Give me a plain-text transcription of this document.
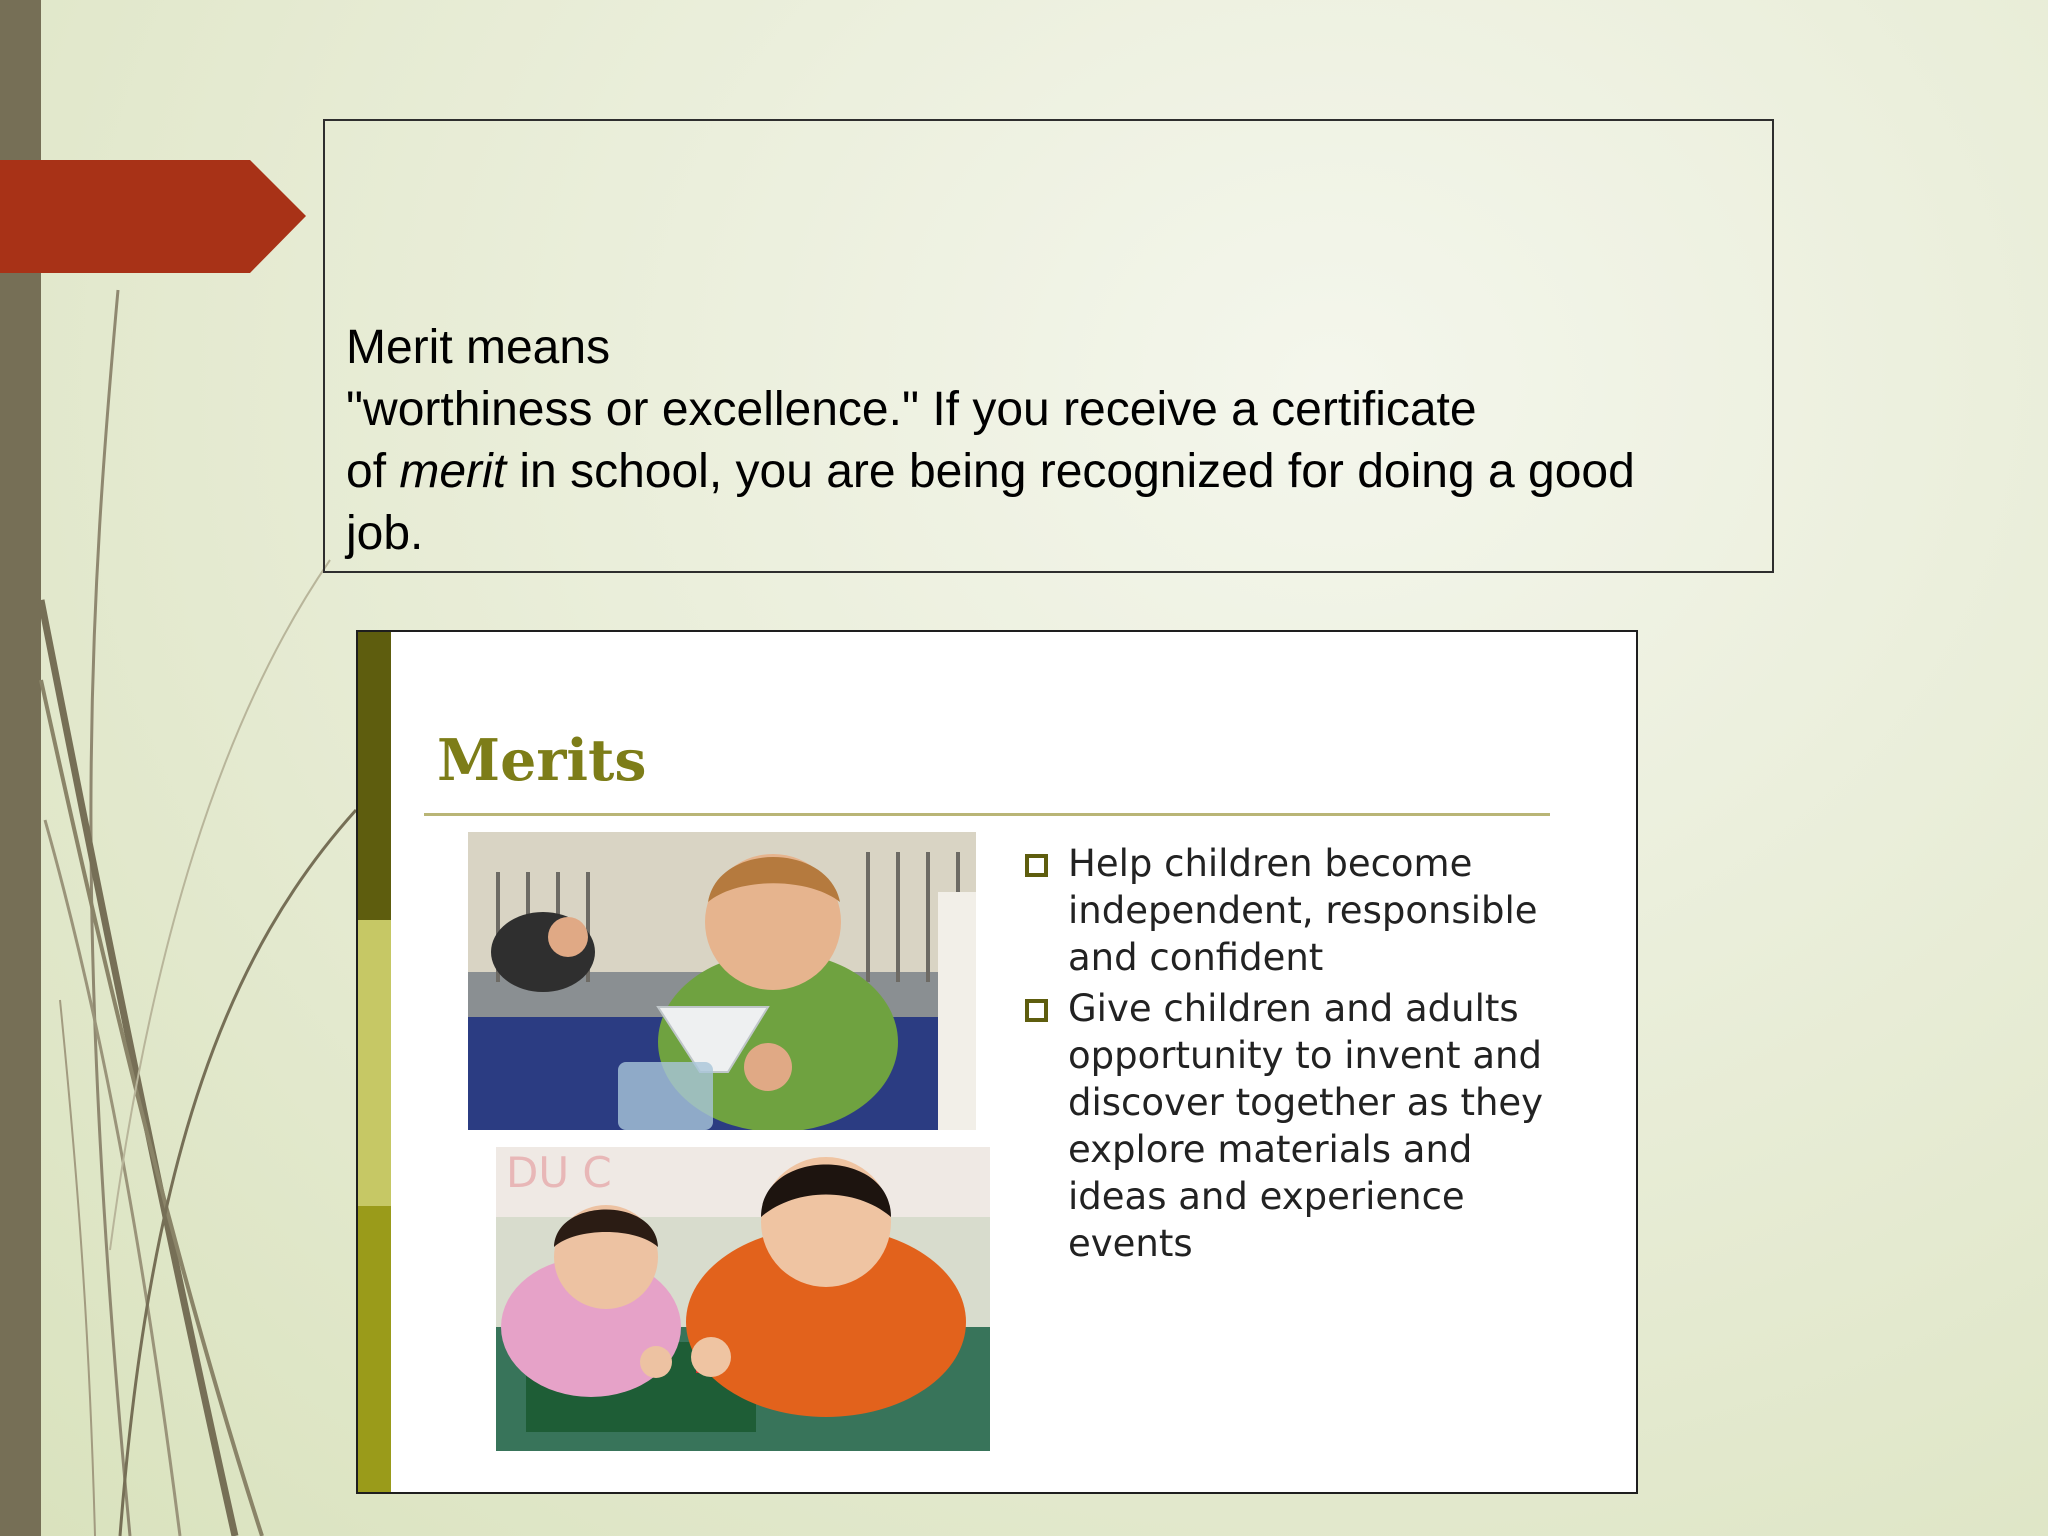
Merit means

"worthiness or excellence." If you receive a certificate

of merit in school, you are being recognized for doing a good

job.

Merits
DU C
Help children become independent, responsible and confident
Give children and adults opportunity to invent and discover together as they explore materials and ideas and experience events
